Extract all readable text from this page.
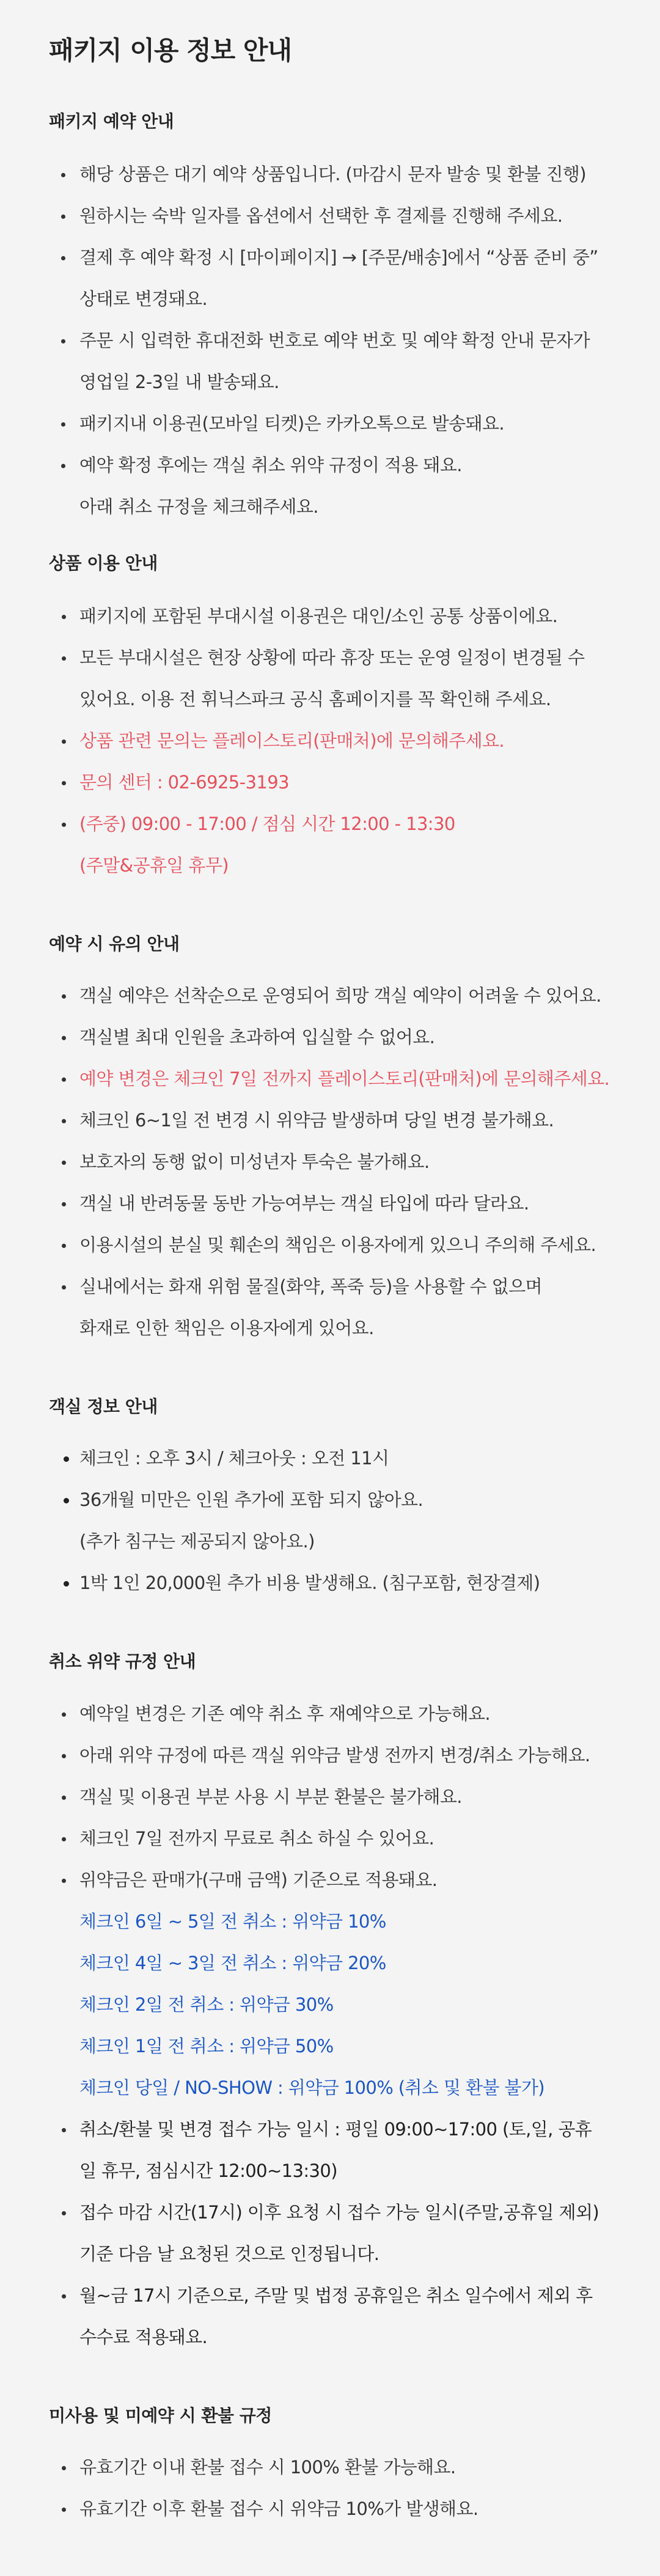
패키지 이용 정보 안내
패키지 예약 안내

해당 상품은 대기 예약 상품입니다. (마감시 문자 발송 및 환불 진행)

원하시는 숙박 일자를 옵션에서 선택한 후 결제를 진행해 주세요.

결제 후 예약 확정 시 [마이페이지] → [주문/배송]에서 “상품 준비 중”

상태로 변경돼요.

주문 시 입력한 휴대전화 번호로 예약 번호 및 예약 확정 안내 문자가

영업일 2-3일 내 발송돼요.

패키지내 이용권(모바일 티켓)은 카카오톡으로 발송돼요.

예약 확정 후에는 객실 취소 위약 규정이 적용 돼요.

아래 취소 규정을 체크해주세요.

상품 이용 안내

패키지에 포함된 부대시설 이용권은 대인/소인 공통 상품이에요.

모든 부대시설은 현장 상황에 따라 휴장 또는 운영 일정이 변경될 수

있어요. 이용 전 휘닉스파크 공식 홈페이지를 꼭 확인해 주세요.

상품 관련 문의는 플레이스토리(판매처)에 문의해주세요.

문의 센터 : 02-6925-3193

(주중) 09:00 - 17:00 / 점심 시간 12:00 - 13:30

(주말&공휴일 휴무)

예약 시 유의 안내

객실 예약은 선착순으로 운영되어 희망 객실 예약이 어려울 수 있어요.

객실별 최대 인원을 초과하여 입실할 수 없어요.

예약 변경은 체크인 7일 전까지 플레이스토리(판매처)에 문의해주세요.

체크인 6~1일 전 변경 시 위약금 발생하며 당일 변경 불가해요.

보호자의 동행 없이 미성년자 투숙은 불가해요.

객실 내 반려동물 동반 가능여부는 객실 타입에 따라 달라요.

이용시설의 분실 및 훼손의 책임은 이용자에게 있으니 주의해 주세요.

실내에서는 화재 위험 물질(화약, 폭죽 등)을 사용할 수 없으며

화재로 인한 책임은 이용자에게 있어요.

객실 정보 안내

체크인 : 오후 3시 / 체크아웃 : 오전 11시

36개월 미만은 인원 추가에 포함 되지 않아요.

(추가 침구는 제공되지 않아요.)

1박 1인 20,000원 추가 비용 발생해요. (침구포함, 현장결제)

취소 위약 규정 안내

예약일 변경은 기존 예약 취소 후 재예약으로 가능해요.

아래 위약 규정에 따른 객실 위약금 발생 전까지 변경/취소 가능해요.

객실 및 이용권 부분 사용 시 부분 환불은 불가해요.

체크인 7일 전까지 무료로 취소 하실 수 있어요.

위약금은 판매가(구매 금액) 기준으로 적용돼요.

체크인 6일 ~ 5일 전 취소 : 위약금 10%

체크인 4일 ~ 3일 전 취소 : 위약금 20%

체크인 2일 전 취소 : 위약금 30%

체크인 1일 전 취소 : 위약금 50%

체크인 당일 / NO-SHOW : 위약금 100% (취소 및 환불 불가)

취소/환불 및 변경 접수 가능 일시 : 평일 09:00~17:00 (토,일, 공휴

일 휴무, 점심시간 12:00~13:30)

접수 마감 시간(17시) 이후 요청 시 접수 가능 일시(주말,공휴일 제외)

기준 다음 날 요청된 것으로 인정됩니다.

월~금 17시 기준으로, 주말 및 법정 공휴일은 취소 일수에서 제외 후

수수료 적용돼요.

미사용 및 미예약 시 환불 규정

유효기간 이내 환불 접수 시 100% 환불 가능해요.

유효기간 이후 환불 접수 시 위약금 10%가 발생해요.
